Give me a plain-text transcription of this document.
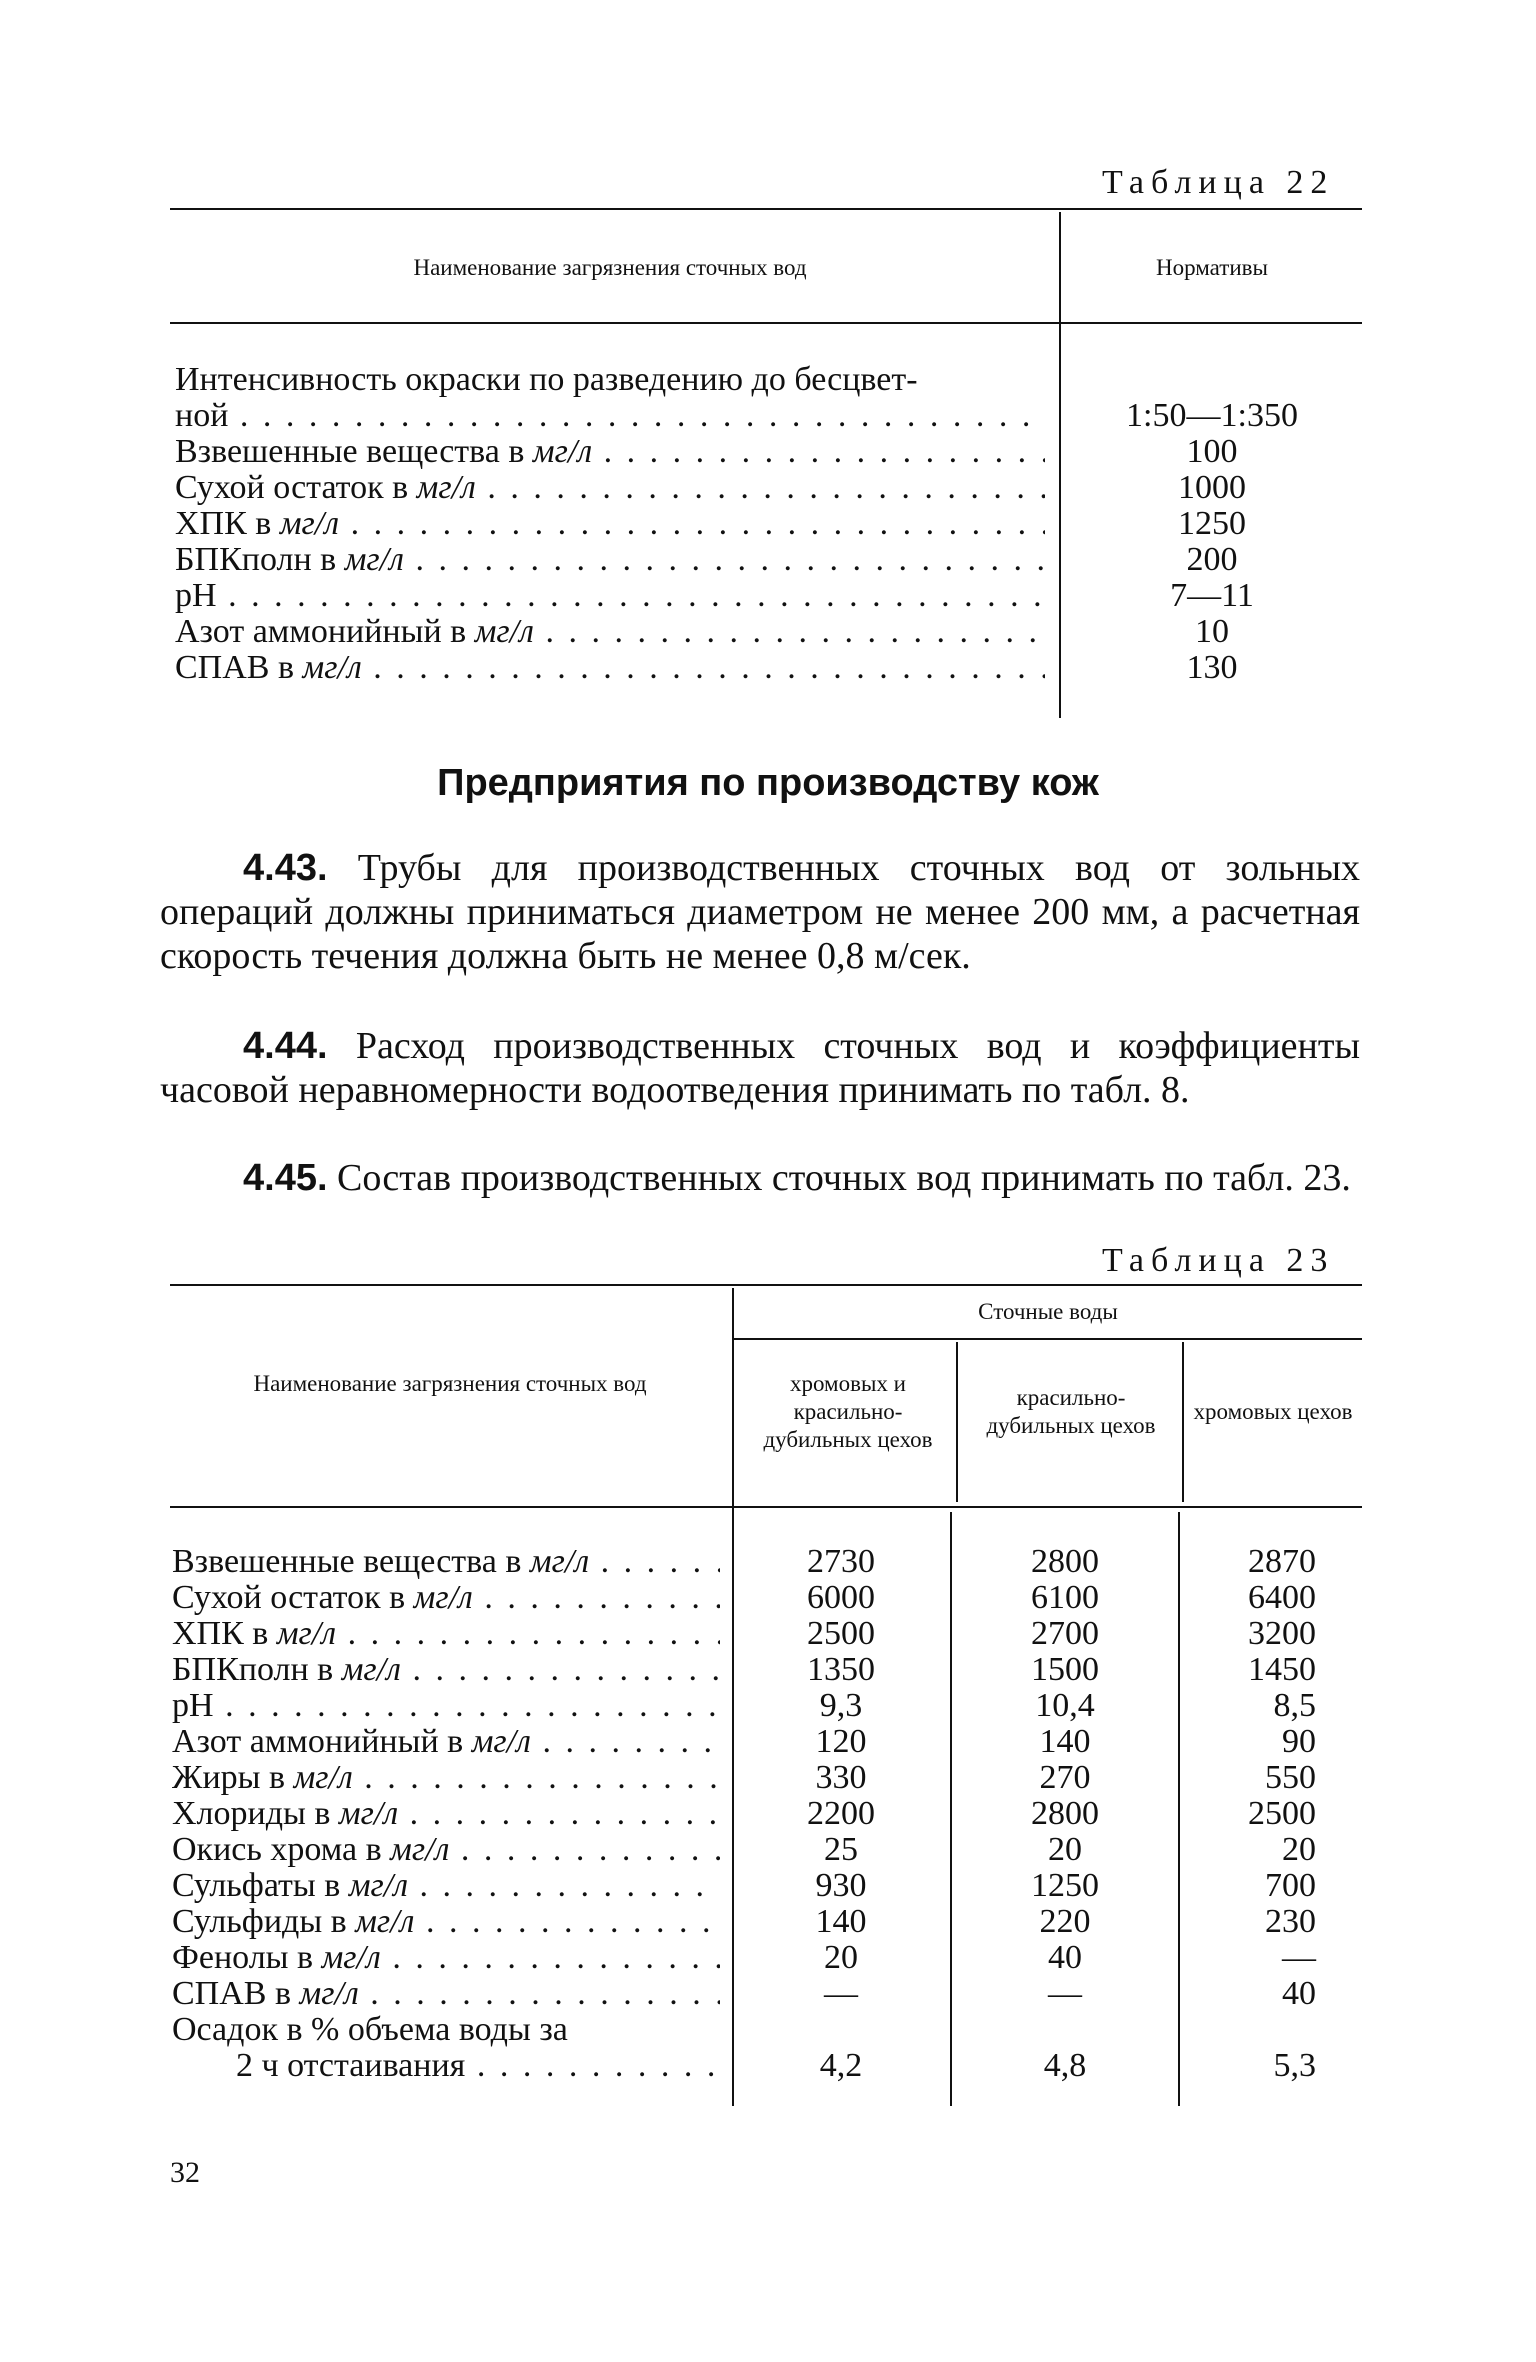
Таблица 22
Наименование загрязнения сточных вод	Нормативы
Интенсивность окраски по разведению до бесцвет-
ной . . .	1:50—1:350
Взвешенные вещества в мг/л . . .	100
Сухой остаток в мг/л . . .	1000
ХПК в мг/л . . .	1250
БПКполн в мг/л . . .	200
pH . . .	7—11
Азот аммонийный в мг/л . . .	10
СПАВ в мг/л . . .	130
Предприятия по производству кож
4.43. Трубы для производственных сточных вод от зольных операций должны приниматься диаметром не менее 200 мм, а расчетная скорость течения должна быть не менее 0,8 м/сек.
4.44. Расход производственных сточных вод и коэффициенты часовой неравномерности водоотведения принимать по табл. 8.
4.45. Состав производственных сточных вод принимать по табл. 23.
Таблица 23
Наименование загрязнения сточных вод
Сточные воды
хромовых и красильно-дубильных цехов
красильно-дубильных цехов
хромовых цехов
Взвешенные вещества в мг/л . . .	2730	2800	2870
Сухой остаток в мг/л . . .	6000	6100	6400
ХПК в мг/л . . .	2500	2700	3200
БПКполн в мг/л . . .	1350	1500	1450
pH . . .	9,3	10,4	8,5
Азот аммонийный в мг/л . . .	120	140	90
Жиры в мг/л . . .	330	270	550
Хлориды в мг/л . . .	2200	2800	2500
Окись хрома в мг/л . . .	25	20	20
Сульфаты в мг/л . . .	930	1250	700
Сульфиды в мг/л . . .	140	220	230
Фенолы в мг/л . . .	20	40	—
СПАВ в мг/л . . .	—	—	40
Осадок в % объема воды за
2 ч отстаивания . . .	4,2	4,8	5,3
32
